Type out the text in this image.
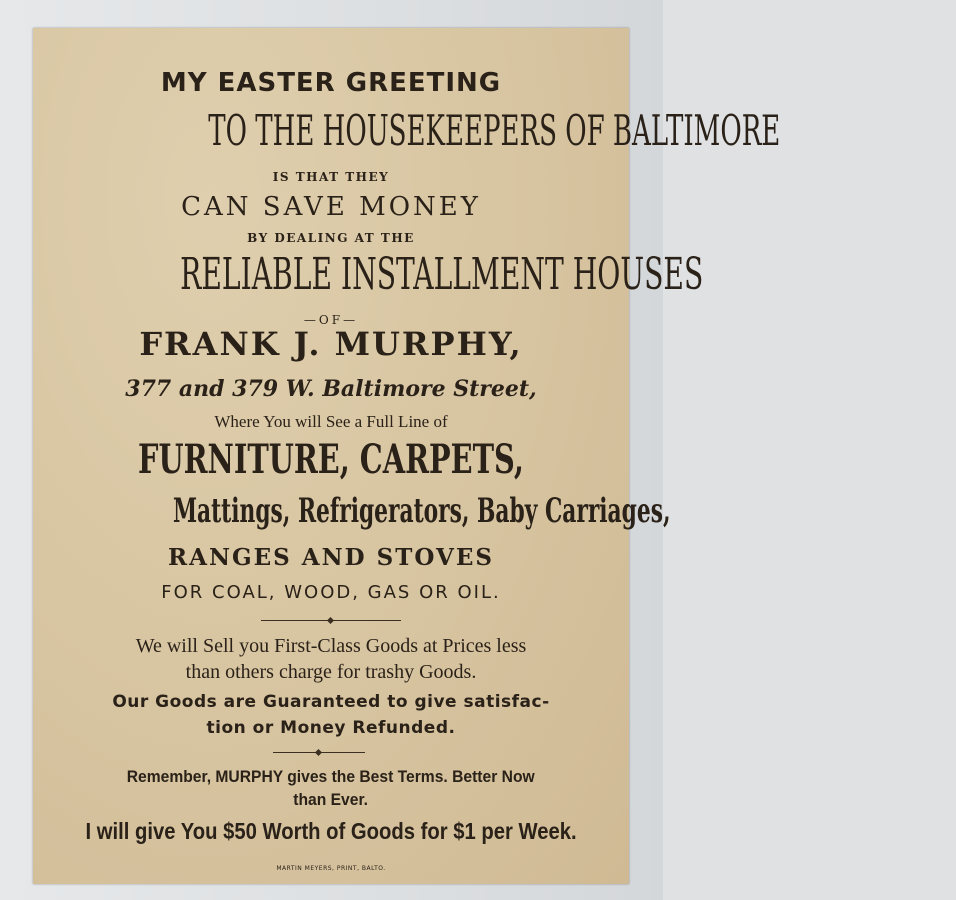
MY EASTER GREETING
TO THE HOUSEKEEPERS OF BALTIMORE
IS THAT THEY
CAN SAVE MONEY
BY DEALING AT THE
RELIABLE INSTALLMENT HOUSES
—OF—
FRANK J. MURPHY,
377 and 379 W. Baltimore Street,
Where You will See a Full Line of
FURNITURE, CARPETS,
Mattings, Refrigerators, Baby Carriages,
RANGES AND STOVES
FOR COAL, WOOD, GAS OR OIL.
We will Sell you First-Class Goods at Prices less
than others charge for trashy Goods.
Our Goods are Guaranteed to give satisfac-
tion or Money Refunded.
Remember, MURPHY gives the Best Terms. Better Now
than Ever.
I will give You $50 Worth of Goods for $1 per Week.
MARTIN MEYERS, PRINT, BALTO.
